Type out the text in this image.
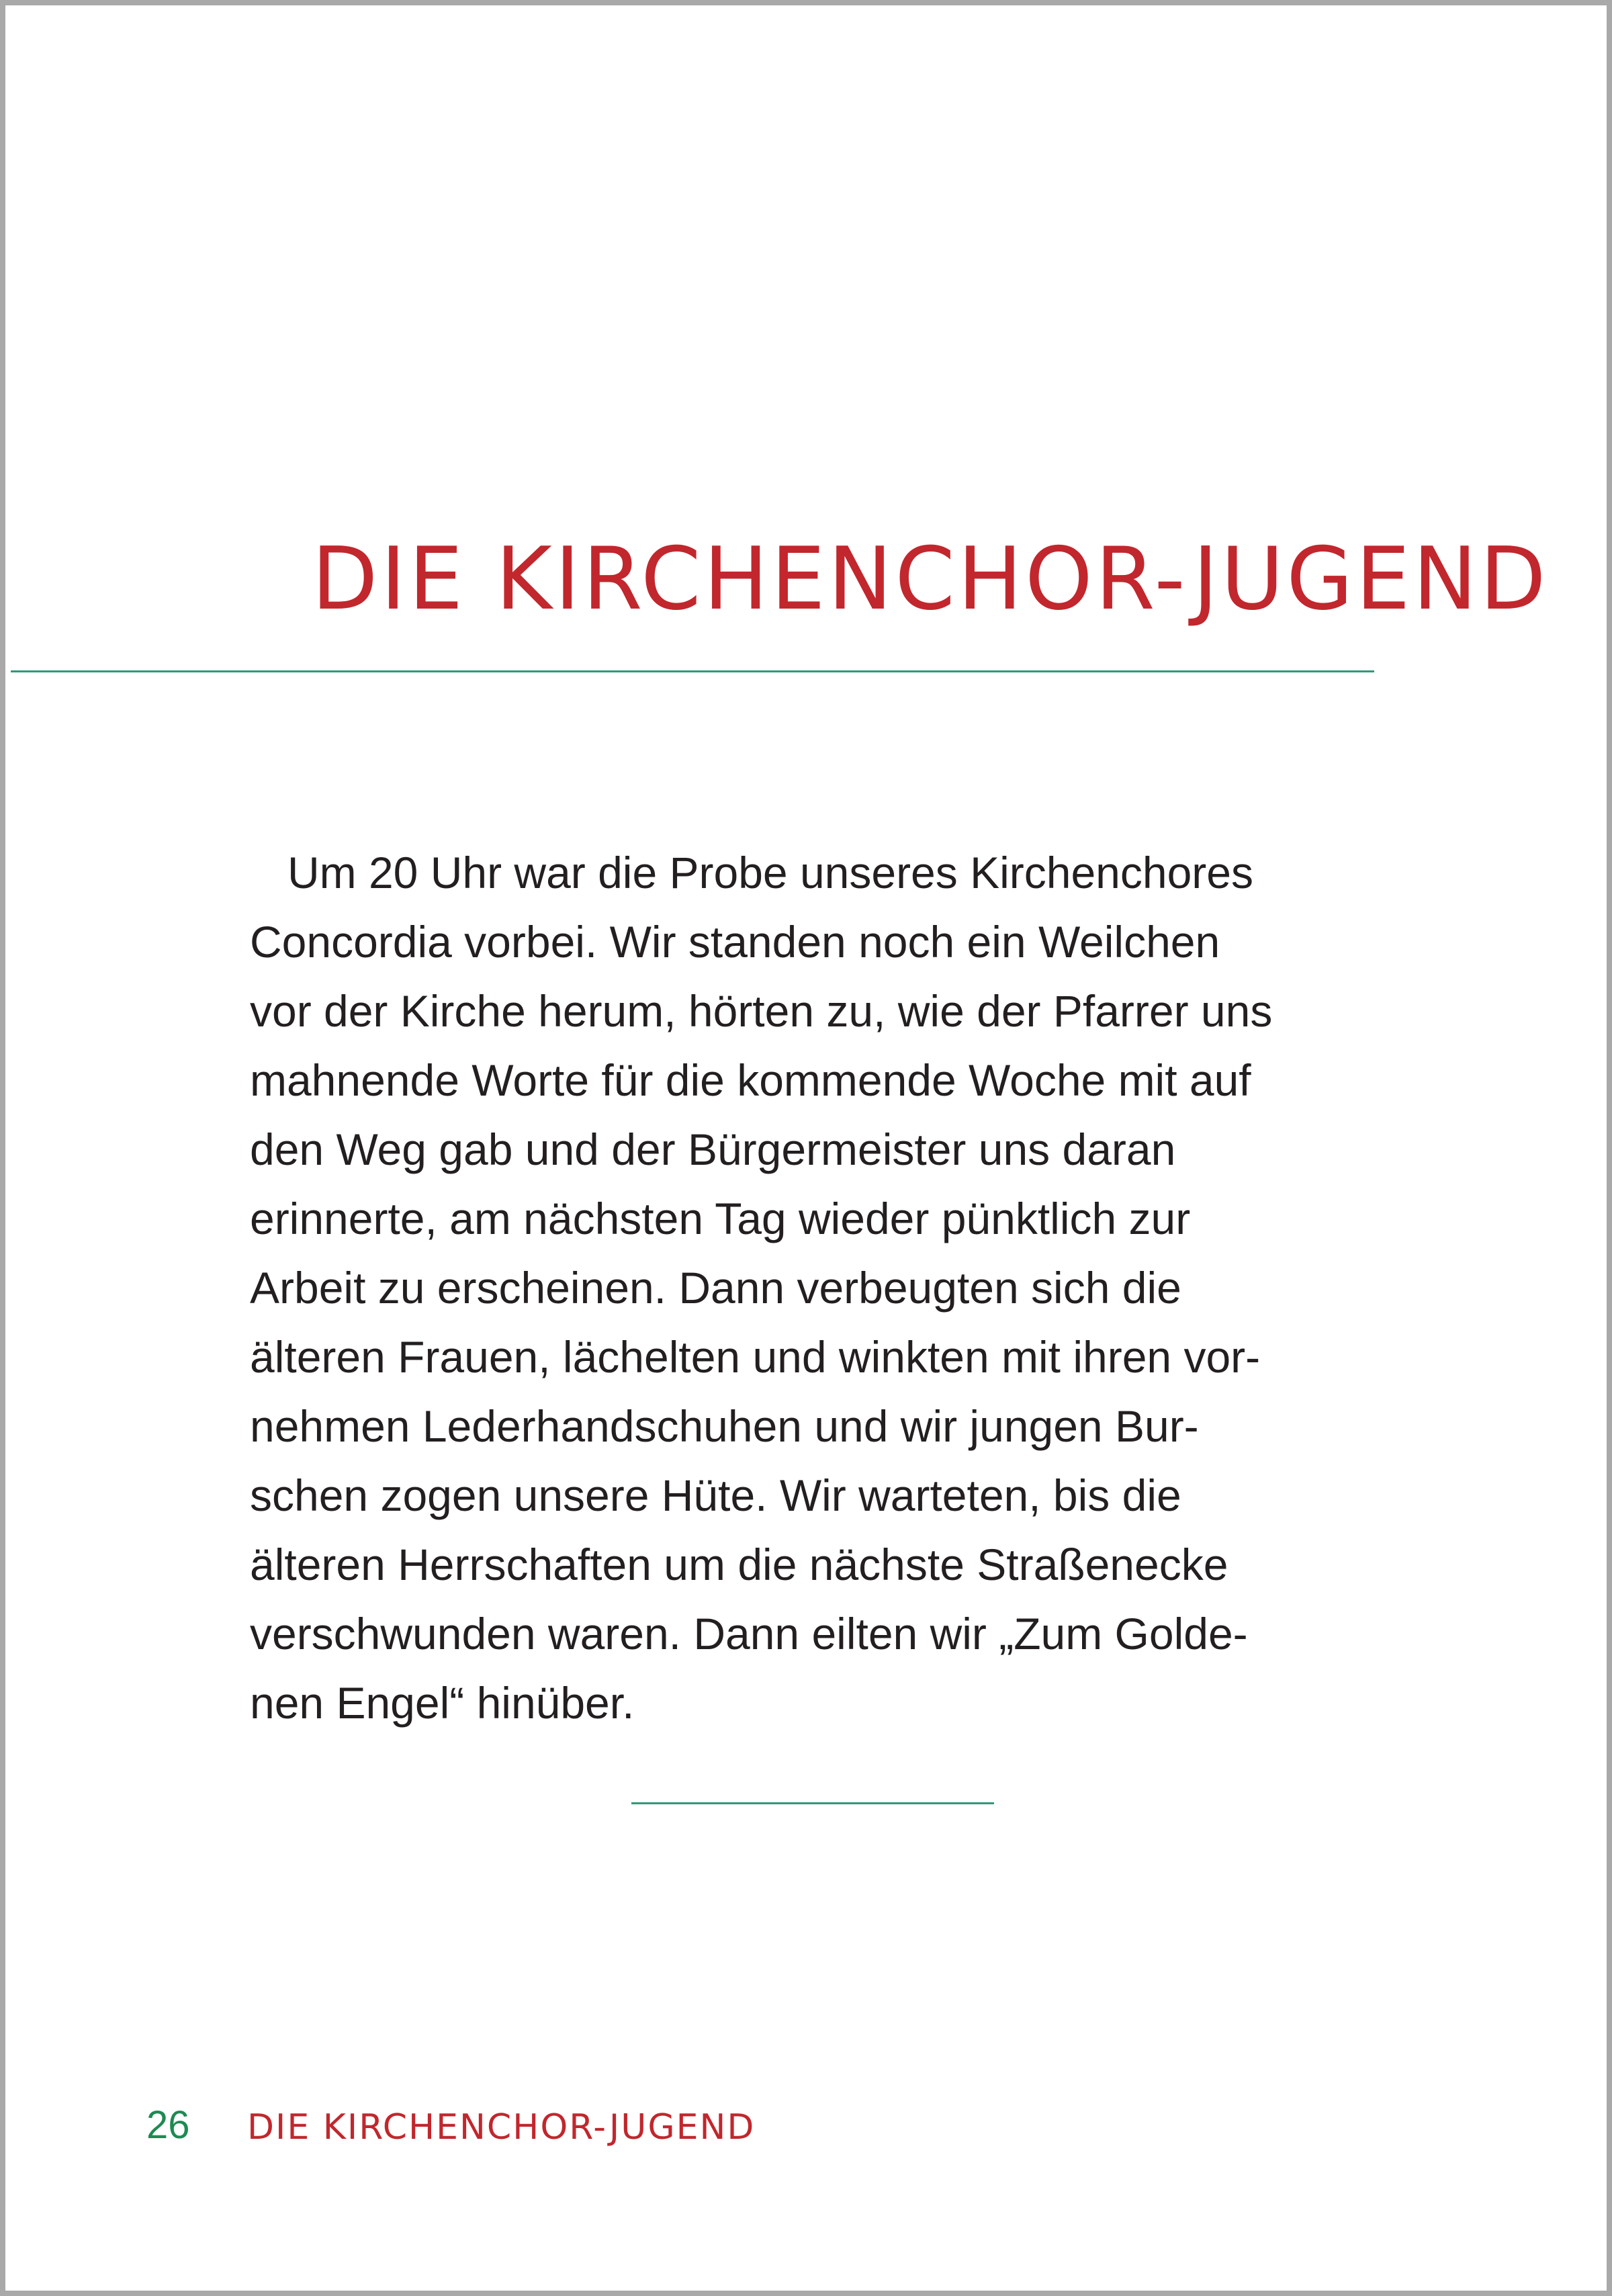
DIE KIRCHENCHOR-JUGEND

Um 20 Uhr war die Probe unseres Kirchenchores
Concordia vorbei. Wir standen noch ein Weilchen
vor der Kirche herum, hörten zu, wie der Pfarrer uns
mahnende Worte für die kommende Woche mit auf
den Weg gab und der Bürgermeister uns daran
erinnerte, am nächsten Tag wieder pünktlich zur
Arbeit zu erscheinen. Dann verbeugten sich die
älteren Frauen, lächelten und winkten mit ihren vor-
nehmen Lederhandschuhen und wir jungen Bur-
schen zogen unsere Hüte. Wir warteten, bis die
älteren Herrschaften um die nächste Straßenecke
verschwunden waren. Dann eilten wir „Zum Golde-
nen Engel“ hinüber.

26 DIE KIRCHENCHOR-JUGEND
